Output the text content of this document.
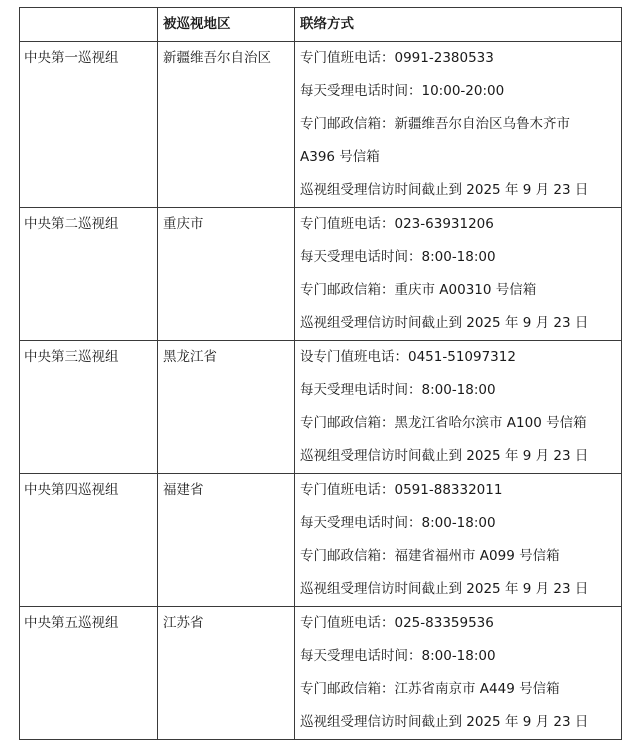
	被巡视地区	联络方式
中央第一巡视组	新疆维吾尔自治区	专门值班电话：0991-2380533
每天受理电话时间：10:00-20:00
专门邮政信箱：新疆维吾尔自治区乌鲁木齐市
A396 号信箱
巡视组受理信访时间截止到 2025 年 9 月 23 日

中央第二巡视组	重庆市	专门值班电话：023-63931206
每天受理电话时间：8:00-18:00
专门邮政信箱：重庆市 A00310 号信箱
巡视组受理信访时间截止到 2025 年 9 月 23 日

中央第三巡视组	黑龙江省	设专门值班电话：0451-51097312
每天受理电话时间：8:00-18:00
专门邮政信箱：黑龙江省哈尔滨市 A100 号信箱
巡视组受理信访时间截止到 2025 年 9 月 23 日

中央第四巡视组	福建省	专门值班电话：0591-88332011
每天受理电话时间：8:00-18:00
专门邮政信箱：福建省福州市 A099 号信箱
巡视组受理信访时间截止到 2025 年 9 月 23 日

中央第五巡视组	江苏省	专门值班电话：025-83359536
每天受理电话时间：8:00-18:00
专门邮政信箱：江苏省南京市 A449 号信箱
巡视组受理信访时间截止到 2025 年 9 月 23 日
